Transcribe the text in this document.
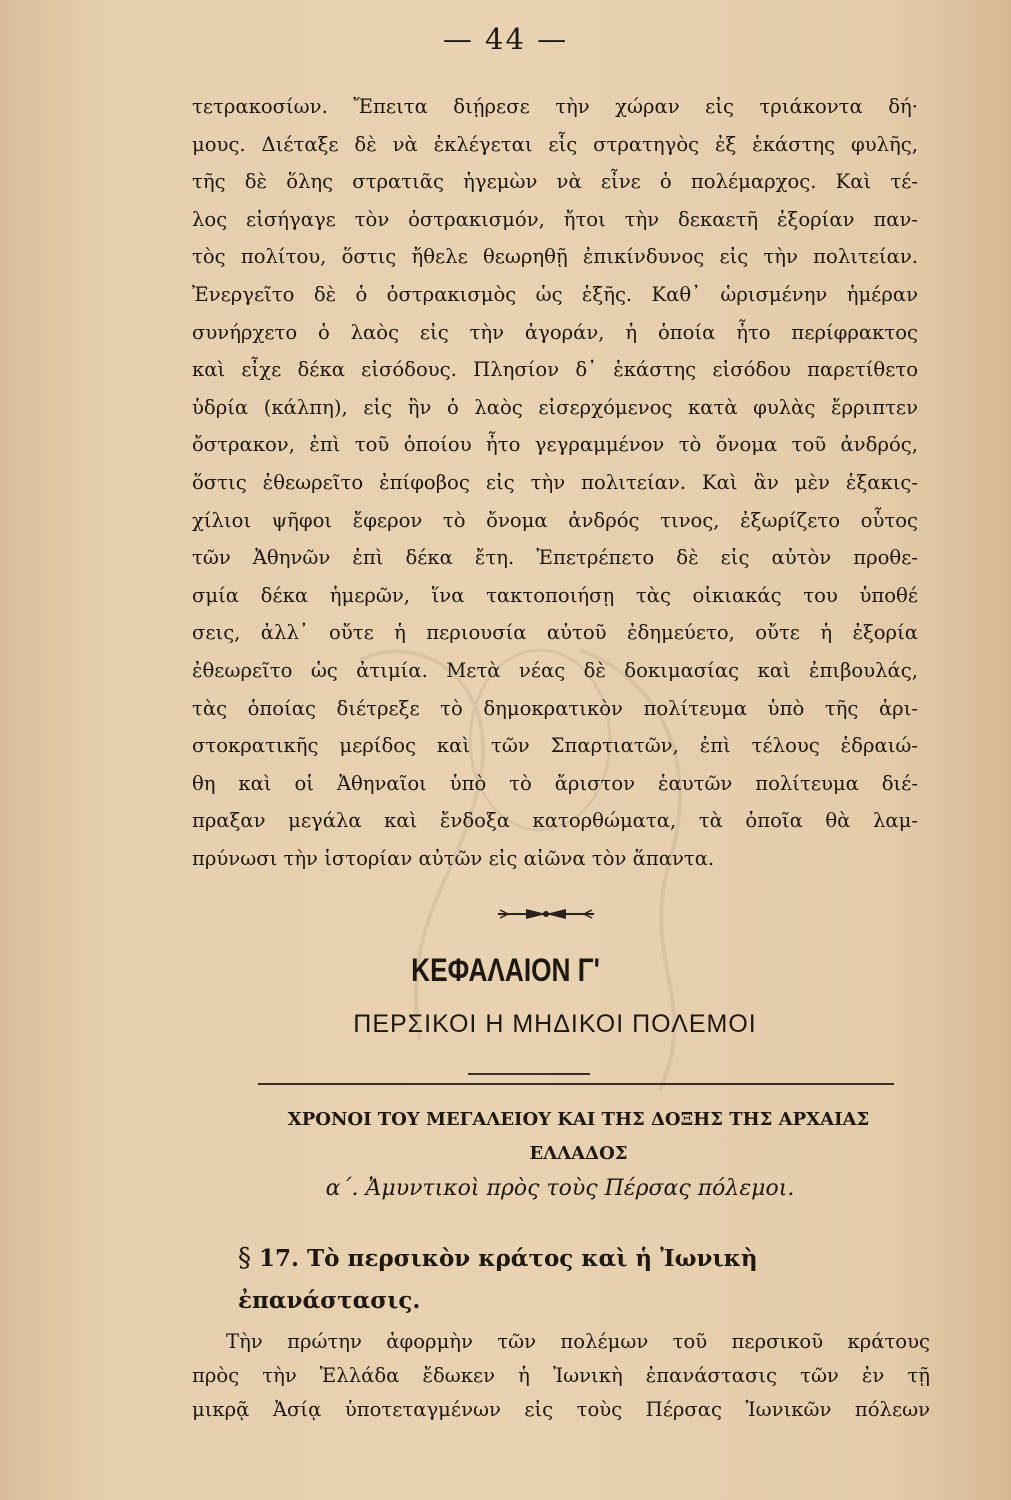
— 44 —
τετρακοσίων. Ἔπειτα διῄρεσε τὴν χώραν εἰς τριάκοντα δή·
μους. Διέταξε δὲ νὰ ἐκλέγεται εἷς στρατηγὸς ἐξ ἑκάστης φυλῆς,
τῆς δὲ ὅλης στρατιᾶς ἡγεμὼν νὰ εἶνε ὁ πολέμαρχος. Καὶ τέ-
λος εἰσήγαγε τὸν ὀστρακισμόν, ἤτοι τὴν δεκαετῆ ἐξορίαν παν-
τὸς πολίτου, ὅστις ἤθελε θεωρηθῇ ἐπικίνδυνος εἰς τὴν πολιτείαν.
Ἐνεργεῖτο δὲ ὁ ὀστρακισμὸς ὡς ἑξῆς. Καθ᾽ ὡρισμένην ἡμέραν
συνήρχετο ὁ λαὸς εἰς τὴν ἀγοράν, ἡ ὁποία ἦτο περίφρακτος
καὶ εἶχε δέκα εἰσόδους. Πλησίον δ᾽ ἑκάστης εἰσόδου παρετίθετο
ὑδρία (κάλπη), εἰς ἣν ὁ λαὸς εἰσερχόμενος κατὰ φυλὰς ἔρριπτεν
ὄστρακον, ἐπὶ τοῦ ὁποίου ἦτο γεγραμμένον τὸ ὄνομα τοῦ ἀνδρός,
ὅστις ἐθεωρεῖτο ἐπίφοβος εἰς τὴν πολιτείαν. Καὶ ἂν μὲν ἑξακις-
χίλιοι ψῆφοι ἔφερον τὸ ὄνομα ἀνδρός τινος, ἐξωρίζετο οὗτος
τῶν Ἀθηνῶν ἐπὶ δέκα ἔτη. Ἐπετρέπετο δὲ εἰς αὐτὸν προθε-
σμία δέκα ἡμερῶν, ἵνα τακτοποιήσῃ τὰς οἰκιακάς του ὑποθέ
σεις, ἀλλ᾽ οὔτε ἡ περιουσία αὐτοῦ ἐδημεύετο, οὔτε ἡ ἐξορία
ἐθεωρεῖτο ὡς ἀτιμία. Μετὰ νέας δὲ δοκιμασίας καὶ ἐπιβουλάς,
τὰς ὁποίας διέτρεξε τὸ δημοκρατικὸν πολίτευμα ὑπὸ τῆς ἀρι-
στοκρατικῆς μερίδος καὶ τῶν Σπαρτιατῶν, ἐπὶ τέλους ἑδραιώ-
θη καὶ οἱ Ἀθηναῖοι ὑπὸ τὸ ἄριστον ἑαυτῶν πολίτευμα διέ-
πραξαν μεγάλα καὶ ἔνδοξα κατορθώματα, τὰ ὁποῖα θὰ λαμ-
πρύνωσι τὴν ἱστορίαν αὐτῶν εἰς αἰῶνα τὸν ἅπαντα.
ΚΕΦΑΛΑΙΟΝ Γ'
ΠΕΡΣΙΚΟΙ Η ΜΗΔΙΚΟΙ ΠΟΛΕΜΟΙ
ΧΡΟΝΟΙ ΤΟΥ ΜΕΓΑΛΕΙΟΥ ΚΑΙ ΤΗΣ ΔΟΞΗΣ ΤΗΣ ΑΡΧΑΙΑΣ ΕΛΛΑΔΟΣ
α΄. Ἀμυντικοὶ πρὸς τοὺς Πέρσας πόλεμοι.
§ 17. Τὸ περσικὸν κράτος καὶ ἡ Ἰωνικὴ ἐπανάστασις.
Τὴν πρώτην ἀφορμὴν τῶν πολέμων τοῦ περσικοῦ κράτους
πρὸς τὴν Ἑλλάδα ἔδωκεν ἡ Ἰωνικὴ ἐπανάστασις τῶν ἐν τῇ
μικρᾷ Ἀσίᾳ ὑποτεταγμένων εἰς τοὺς Πέρσας Ἰωνικῶν πόλεων
